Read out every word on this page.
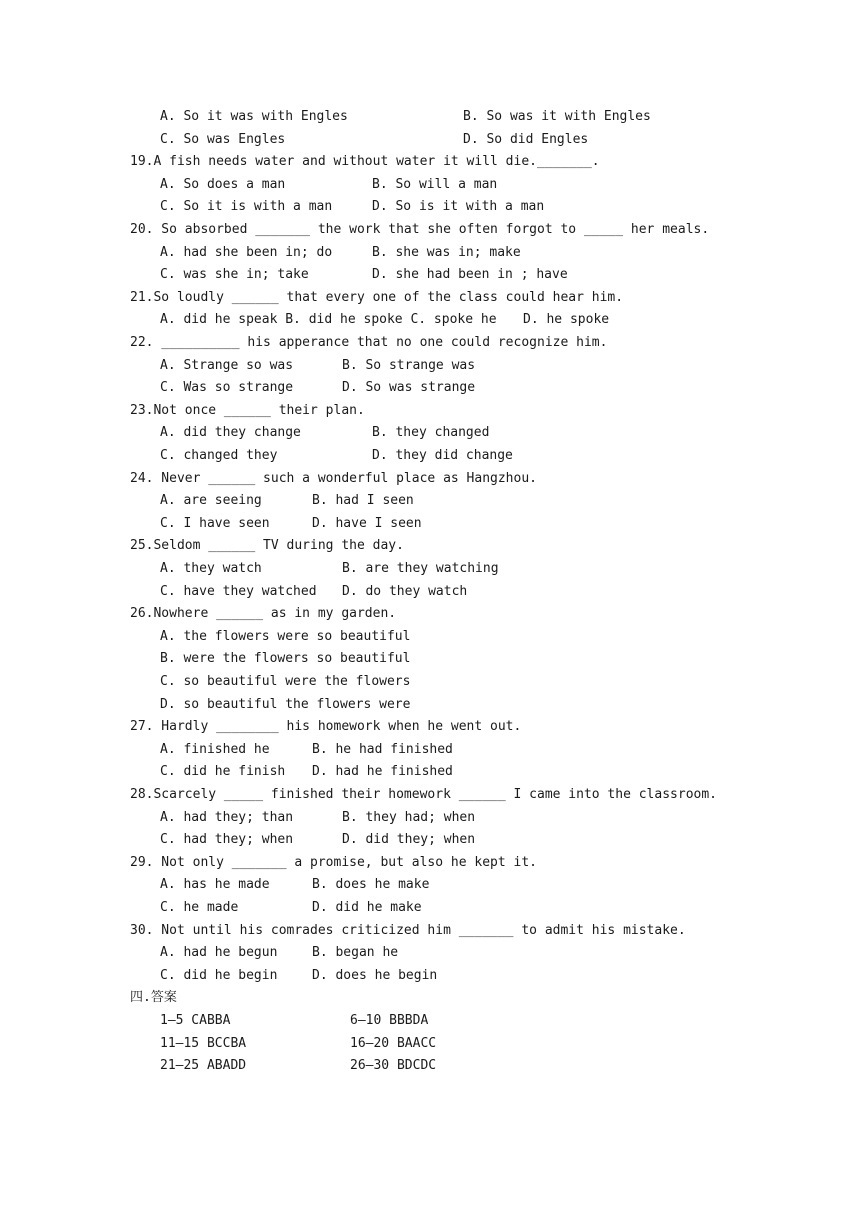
A. So it was with Engles	B. So was it with Engles
C. So was Engles	D. So did Engles
19.A fish needs water and without water it will die._______.
A. So does a man	B. So will a man
C. So it is with a man	D. So is it with a man
20. So absorbed _______ the work that she often forgot to _____ her meals.
A. had she been in; do	B. she was in; make
C. was she in; take	D. she had been in ; have
21.So loudly ______ that every one of the class could hear him.
A. did he speak B. did he spoke C. spoke he D. he spoke
22. __________ his apperance that no one could recognize him.
A. Strange so was	B. So strange was
C. Was so strange	D. So was strange
23.Not once ______ their plan.
A. did they change	B. they changed
C. changed they	D. they did change
24. Never ______ such a wonderful place as Hangzhou.
A. are seeing	B. had I seen
C. I have seen	D. have I seen
25.Seldom ______ TV during the day.
A. they watch	B. are they watching
C. have they watched D. do they watch
26.Nowhere ______ as in my garden.
A. the flowers were so beautiful
B. were the flowers so beautiful
C. so beautiful were the flowers
D. so beautiful the flowers were
27. Hardly ________ his homework when he went out.
A. finished he	B. he had finished
C. did he finish D. had he finished
28.Scarcely _____ finished their homework ______ I came into the classroom.
A. had they; than	B. they had; when
C. had they; when	D. did they; when
29. Not only _______ a promise, but also he kept it.
A. has he made	B. does he make
C. he made	D. did he make
30. Not until his comrades criticized him _______ to admit his mistake.
A. had he begun	B. began he
C. did he begin	D. does he begin
四.答案
1—5 CABBA	6—10 BBBDA
11—15 BCCBA	16—20 BAACC
21—25 ABADD	26—30 BDCDC
